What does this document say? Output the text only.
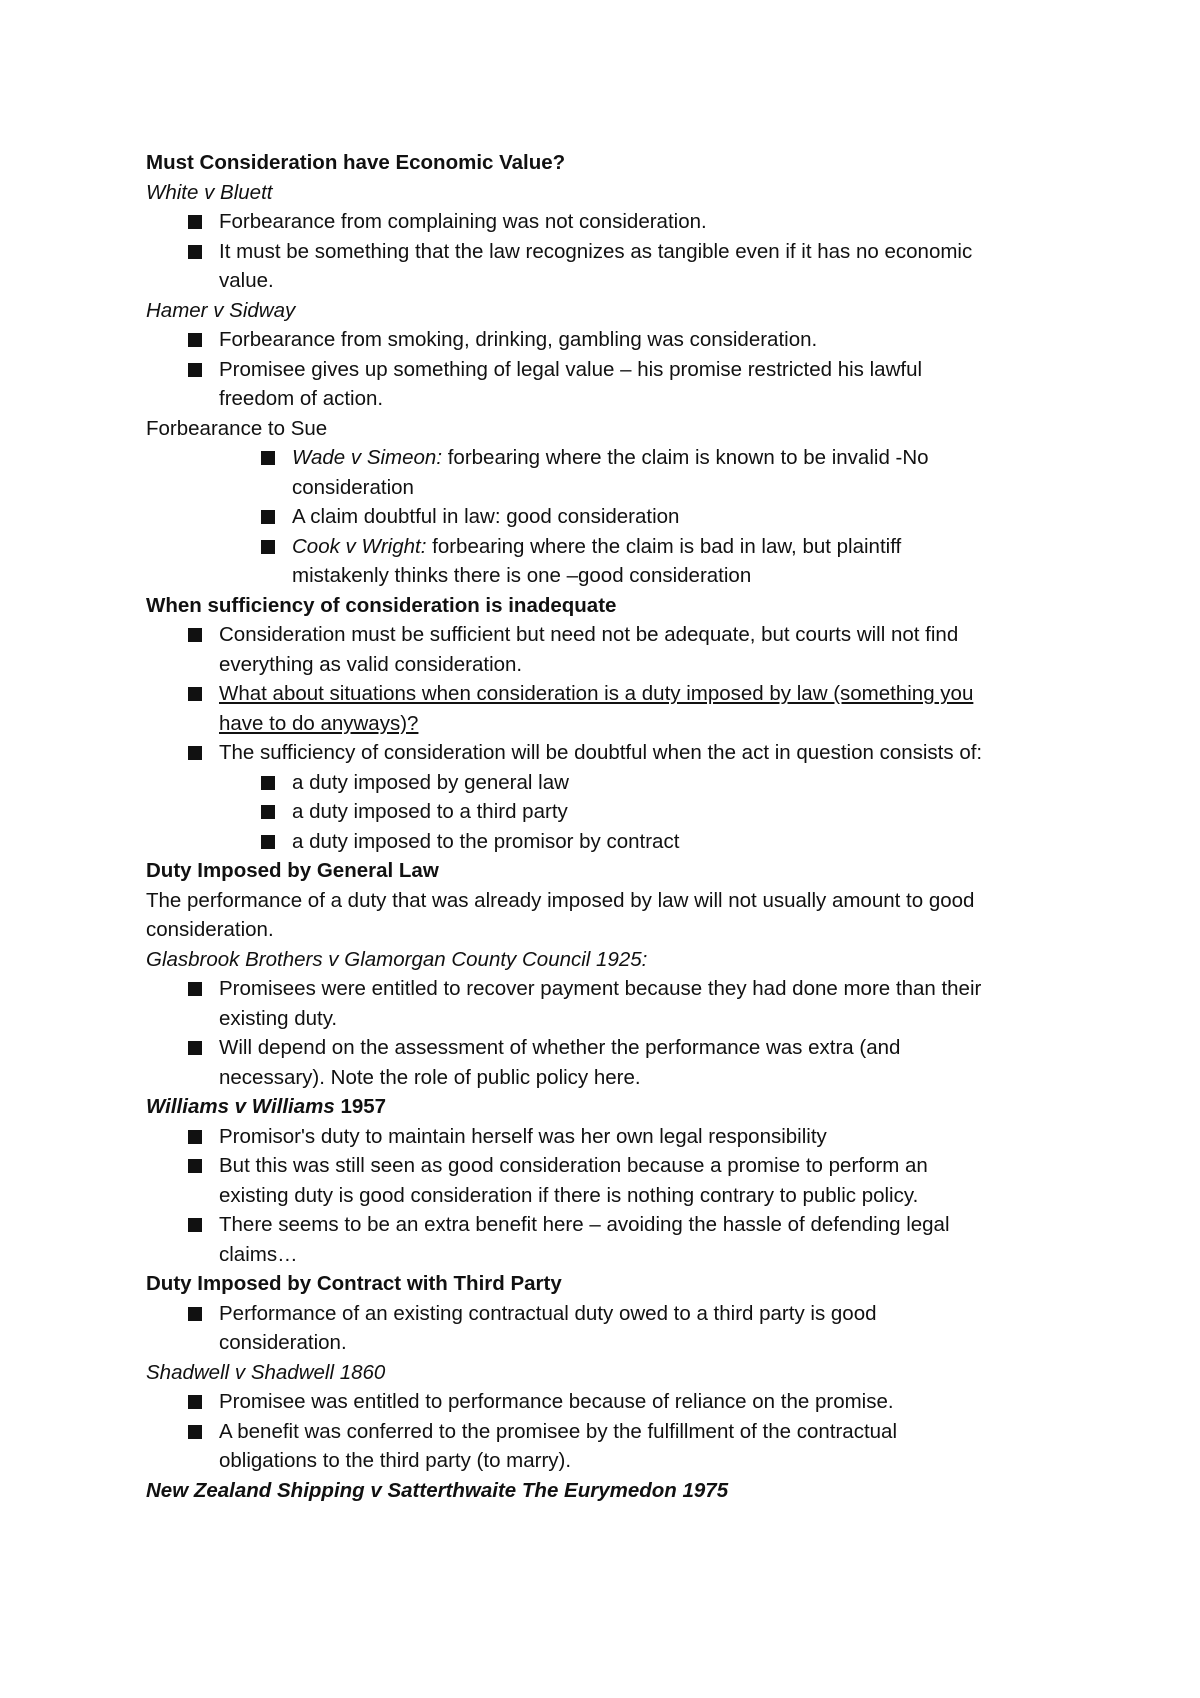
Must Consideration have Economic Value?
White v Bluett
Forbearance from complaining was not consideration.
It must be something that the law recognizes as tangible even if it has no economic
value.
Hamer v Sidway
Forbearance from smoking, drinking, gambling was consideration.
Promisee gives up something of legal value – his promise restricted his lawful
freedom of action.
Forbearance to Sue
Wade v Simeon: forbearing where the claim is known to be invalid -No
consideration
A claim doubtful in law: good consideration
Cook v Wright: forbearing where the claim is bad in law, but plaintiff
mistakenly thinks there is one –good consideration
When sufficiency of consideration is inadequate
Consideration must be sufficient but need not be adequate, but courts will not find
everything as valid consideration.
What about situations when consideration is a duty imposed by law (something you
have to do anyways)?
The sufficiency of consideration will be doubtful when the act in question consists of:
a duty imposed by general law
a duty imposed to a third party
a duty imposed to the promisor by contract
Duty Imposed by General Law
The performance of a duty that was already imposed by law will not usually amount to good
consideration.
Glasbrook Brothers v Glamorgan County Council 1925:
Promisees were entitled to recover payment because they had done more than their
existing duty.
Will depend on the assessment of whether the performance was extra (and
necessary). Note the role of public policy here.
Williams v Williams 1957
Promisor's duty to maintain herself was her own legal responsibility
But this was still seen as good consideration because a promise to perform an
existing duty is good consideration if there is nothing contrary to public policy.
There seems to be an extra benefit here – avoiding the hassle of defending legal
claims…
Duty Imposed by Contract with Third Party
Performance of an existing contractual duty owed to a third party is good
consideration.
Shadwell v Shadwell 1860
Promisee was entitled to performance because of reliance on the promise.
A benefit was conferred to the promisee by the fulfillment of the contractual
obligations to the third party (to marry).
New Zealand Shipping v Satterthwaite The Eurymedon 1975
